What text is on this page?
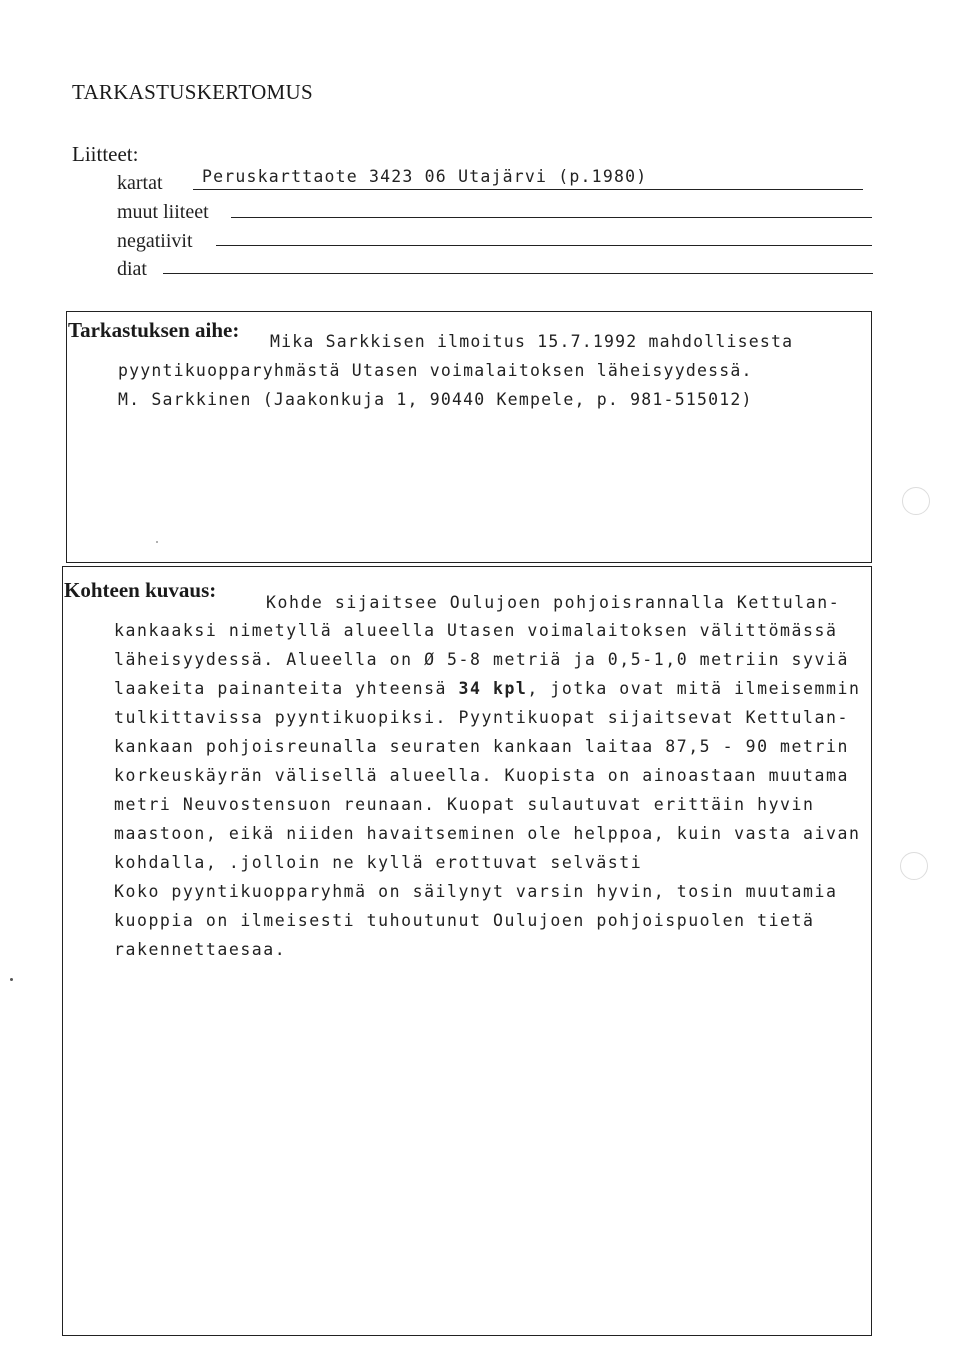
TARKASTUSKERTOMUS
Liitteet:
kartat Peruskarttaote 3423 06 Utajärvi (p.1980)
muut liiteet
negatiivit
diat
Tarkastuksen aihe: Mika Sarkkisen ilmoitus 15.7.1992 mahdollisesta
pyyntikuopparyhmästä Utasen voimalaitoksen läheisyydessä.
M. Sarkkinen (Jaakonkuja 1, 90440 Kempele, p. 981-515012)
Kohteen kuvaus:
Kohde sijaitsee Oulujoen pohjoisrannalla Kettulan-
kankaaksi nimetyllä alueella Utasen voimalaitoksen välittömässä
läheisyydessä. Alueella on Ø 5-8 metriä ja 0,5-1,0 metriin syviä
laakeita painanteita yhteensä 34 kpl, jotka ovat mitä ilmeisemmin
tulkittavissa pyyntikuopiksi. Pyyntikuopat sijaitsevat Kettulan-
kankaan pohjoisreunalla seuraten kankaan laitaa 87,5 - 90 metrin
korkeuskäyrän välisellä alueella. Kuopista on ainoastaan muutama
metri Neuvostensuon reunaan. Kuopat sulautuvat erittäin hyvin
maastoon, eikä niiden havaitseminen ole helppoa, kuin vasta aivan
kohdalla, .jolloin ne kyllä erottuvat selvästi
Koko pyyntikuopparyhmä on säilynyt varsin hyvin, tosin muutamia
kuoppia on ilmeisesti tuhoutunut Oulujoen pohjoispuolen tietä
rakennettaesaa.
